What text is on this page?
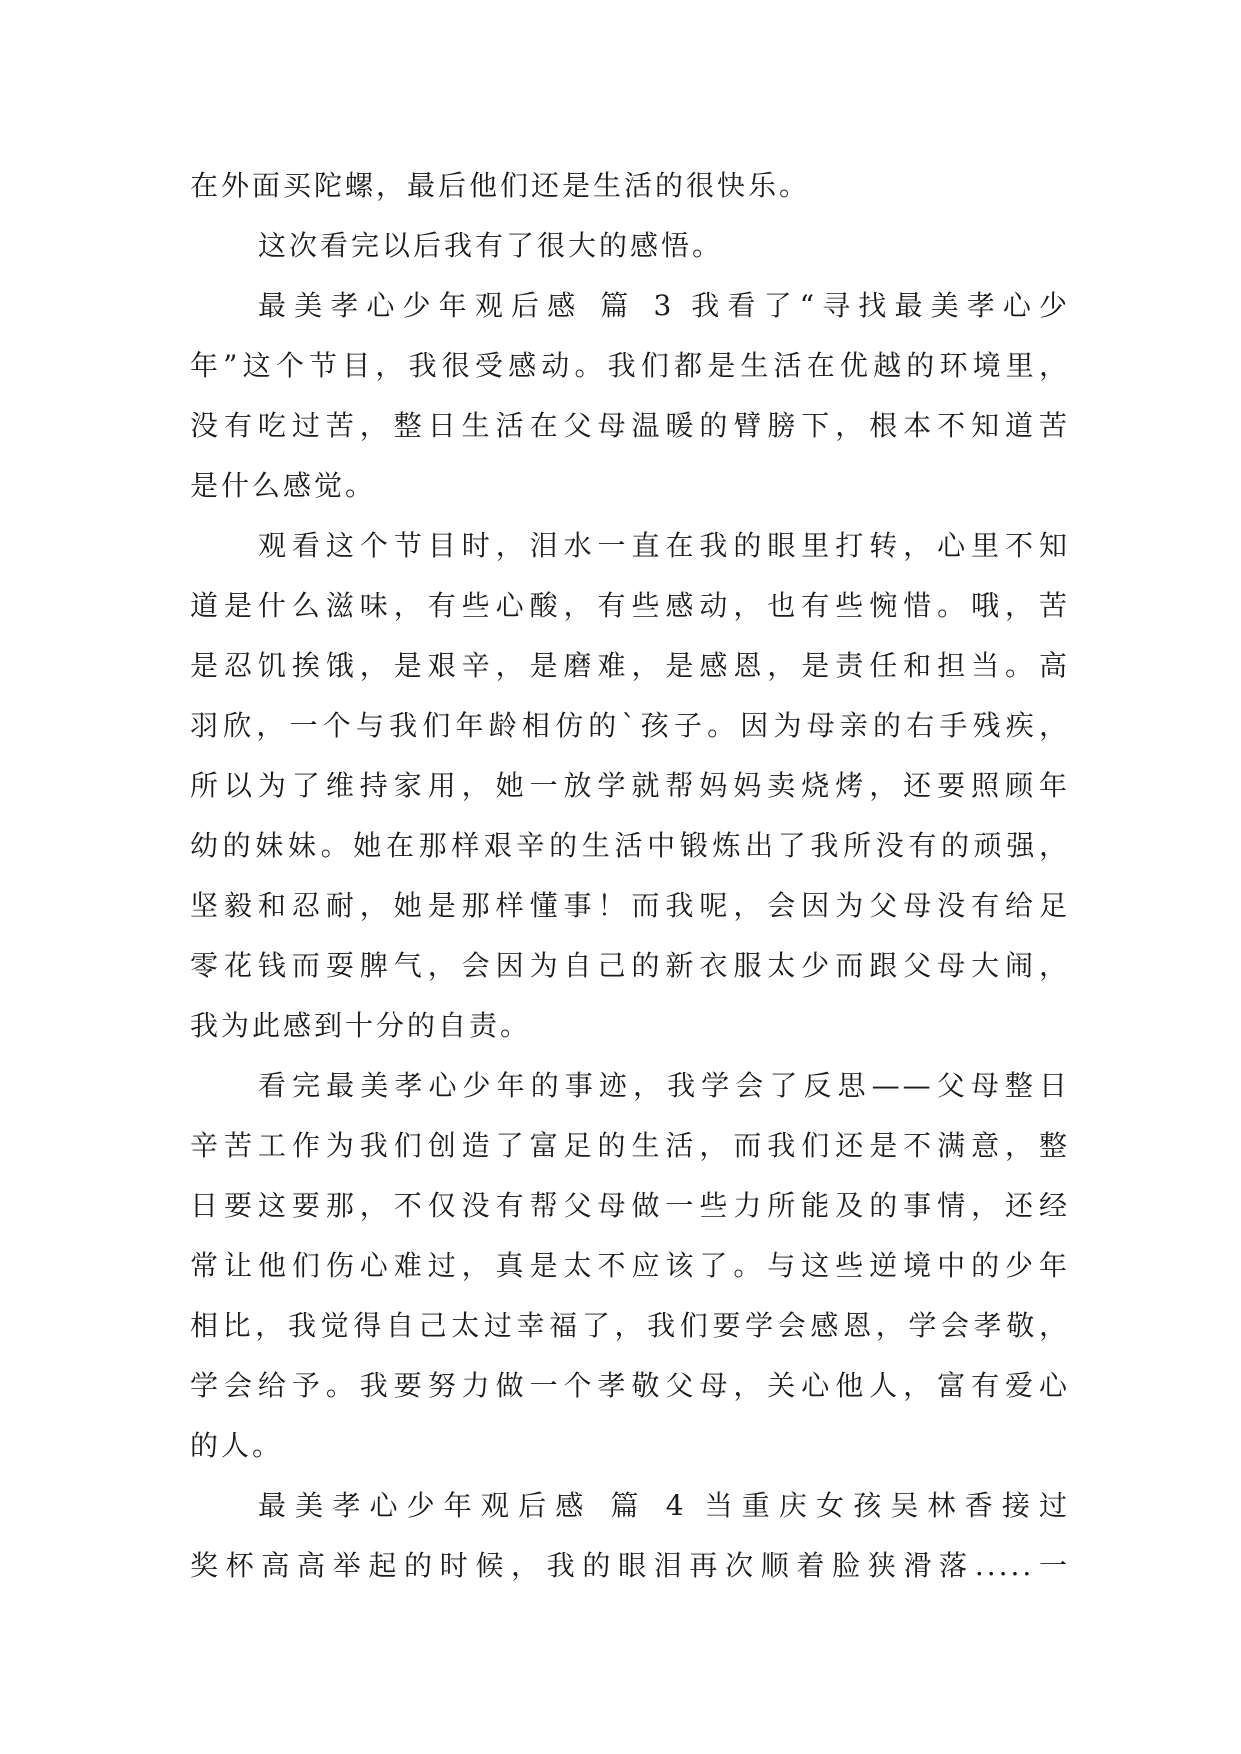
在外面买陀螺，最后他们还是生活的很快乐。
这次看完以后我有了很大的感悟。
最美孝心少年观后感 篇 3 我看了“寻找最美孝心少
年”这个节目，我很受感动。我们都是生活在优越的环境里，
没有吃过苦，整日生活在父母温暖的臂膀下，根本不知道苦
是什么感觉。
观看这个节目时，泪水一直在我的眼里打转，心里不知
道是什么滋味，有些心酸，有些感动，也有些惋惜。哦，苦
是忍饥挨饿，是艰辛，是磨难，是感恩，是责任和担当。高
羽欣，一个与我们年龄相仿的`孩子。因为母亲的右手残疾，
所以为了维持家用，她一放学就帮妈妈卖烧烤，还要照顾年
幼的妹妹。她在那样艰辛的生活中锻炼出了我所没有的顽强，
坚毅和忍耐，她是那样懂事！而我呢，会因为父母没有给足
零花钱而耍脾气，会因为自己的新衣服太少而跟父母大闹，
我为此感到十分的自责。
看完最美孝心少年的事迹，我学会了反思——父母整日
辛苦工作为我们创造了富足的生活，而我们还是不满意，整
日要这要那，不仅没有帮父母做一些力所能及的事情，还经
常让他们伤心难过，真是太不应该了。与这些逆境中的少年
相比，我觉得自己太过幸福了，我们要学会感恩，学会孝敬，
学会给予。我要努力做一个孝敬父母，关心他人，富有爱心
的人。
最美孝心少年观后感 篇 4 当重庆女孩吴林香接过
奖杯高高举起的时候，我的眼泪再次顺着脸狭滑落.....一
